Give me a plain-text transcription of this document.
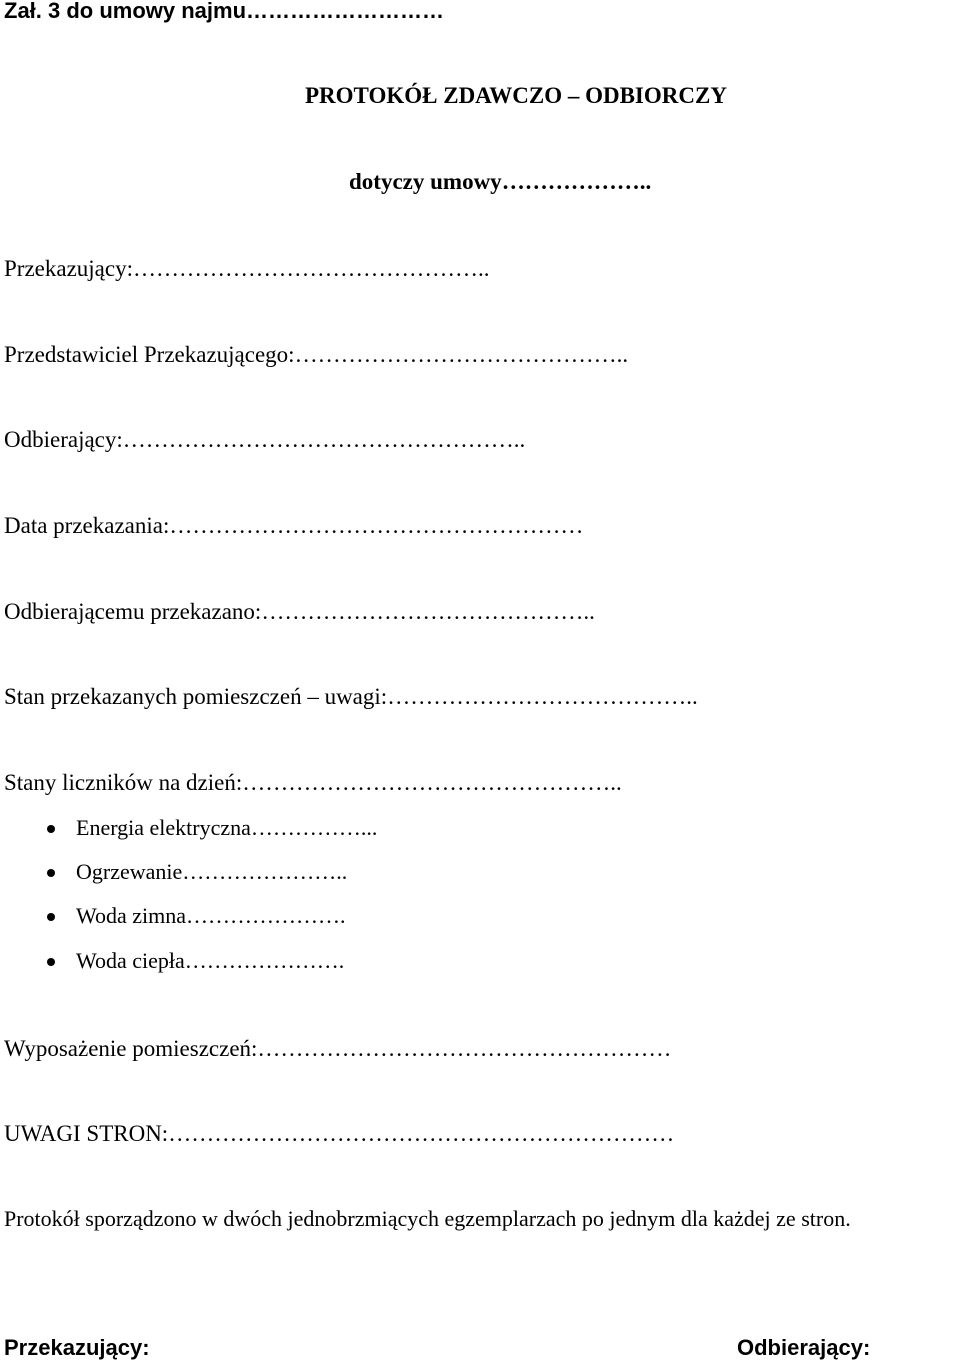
Zał. 3 do umowy najmu………………………
PROTOKÓŁ ZDAWCZO – ODBIORCZY
dotyczy umowy………………..
Przekazujący:………………………………………..
Przedstawiciel Przekazującego:……………………………………..
Odbierający:……………………………………………..
Data przekazania:………………………………………………
Odbierającemu przekazano:……………………………………..
Stan przekazanych pomieszczeń – uwagi:…………………………………..
Stany liczników na dzień:…………………………………………..
Energia elektryczna……………...
Ogrzewanie…………………..
Woda zimna………………….
Woda ciepła………………….
Wyposażenie pomieszczeń:………………………………………………
UWAGI STRON:…………………………………………………………
Protokół sporządzono w dwóch jednobrzmiących egzemplarzach po jednym dla każdej ze stron.
Przekazujący:	Odbierający:
